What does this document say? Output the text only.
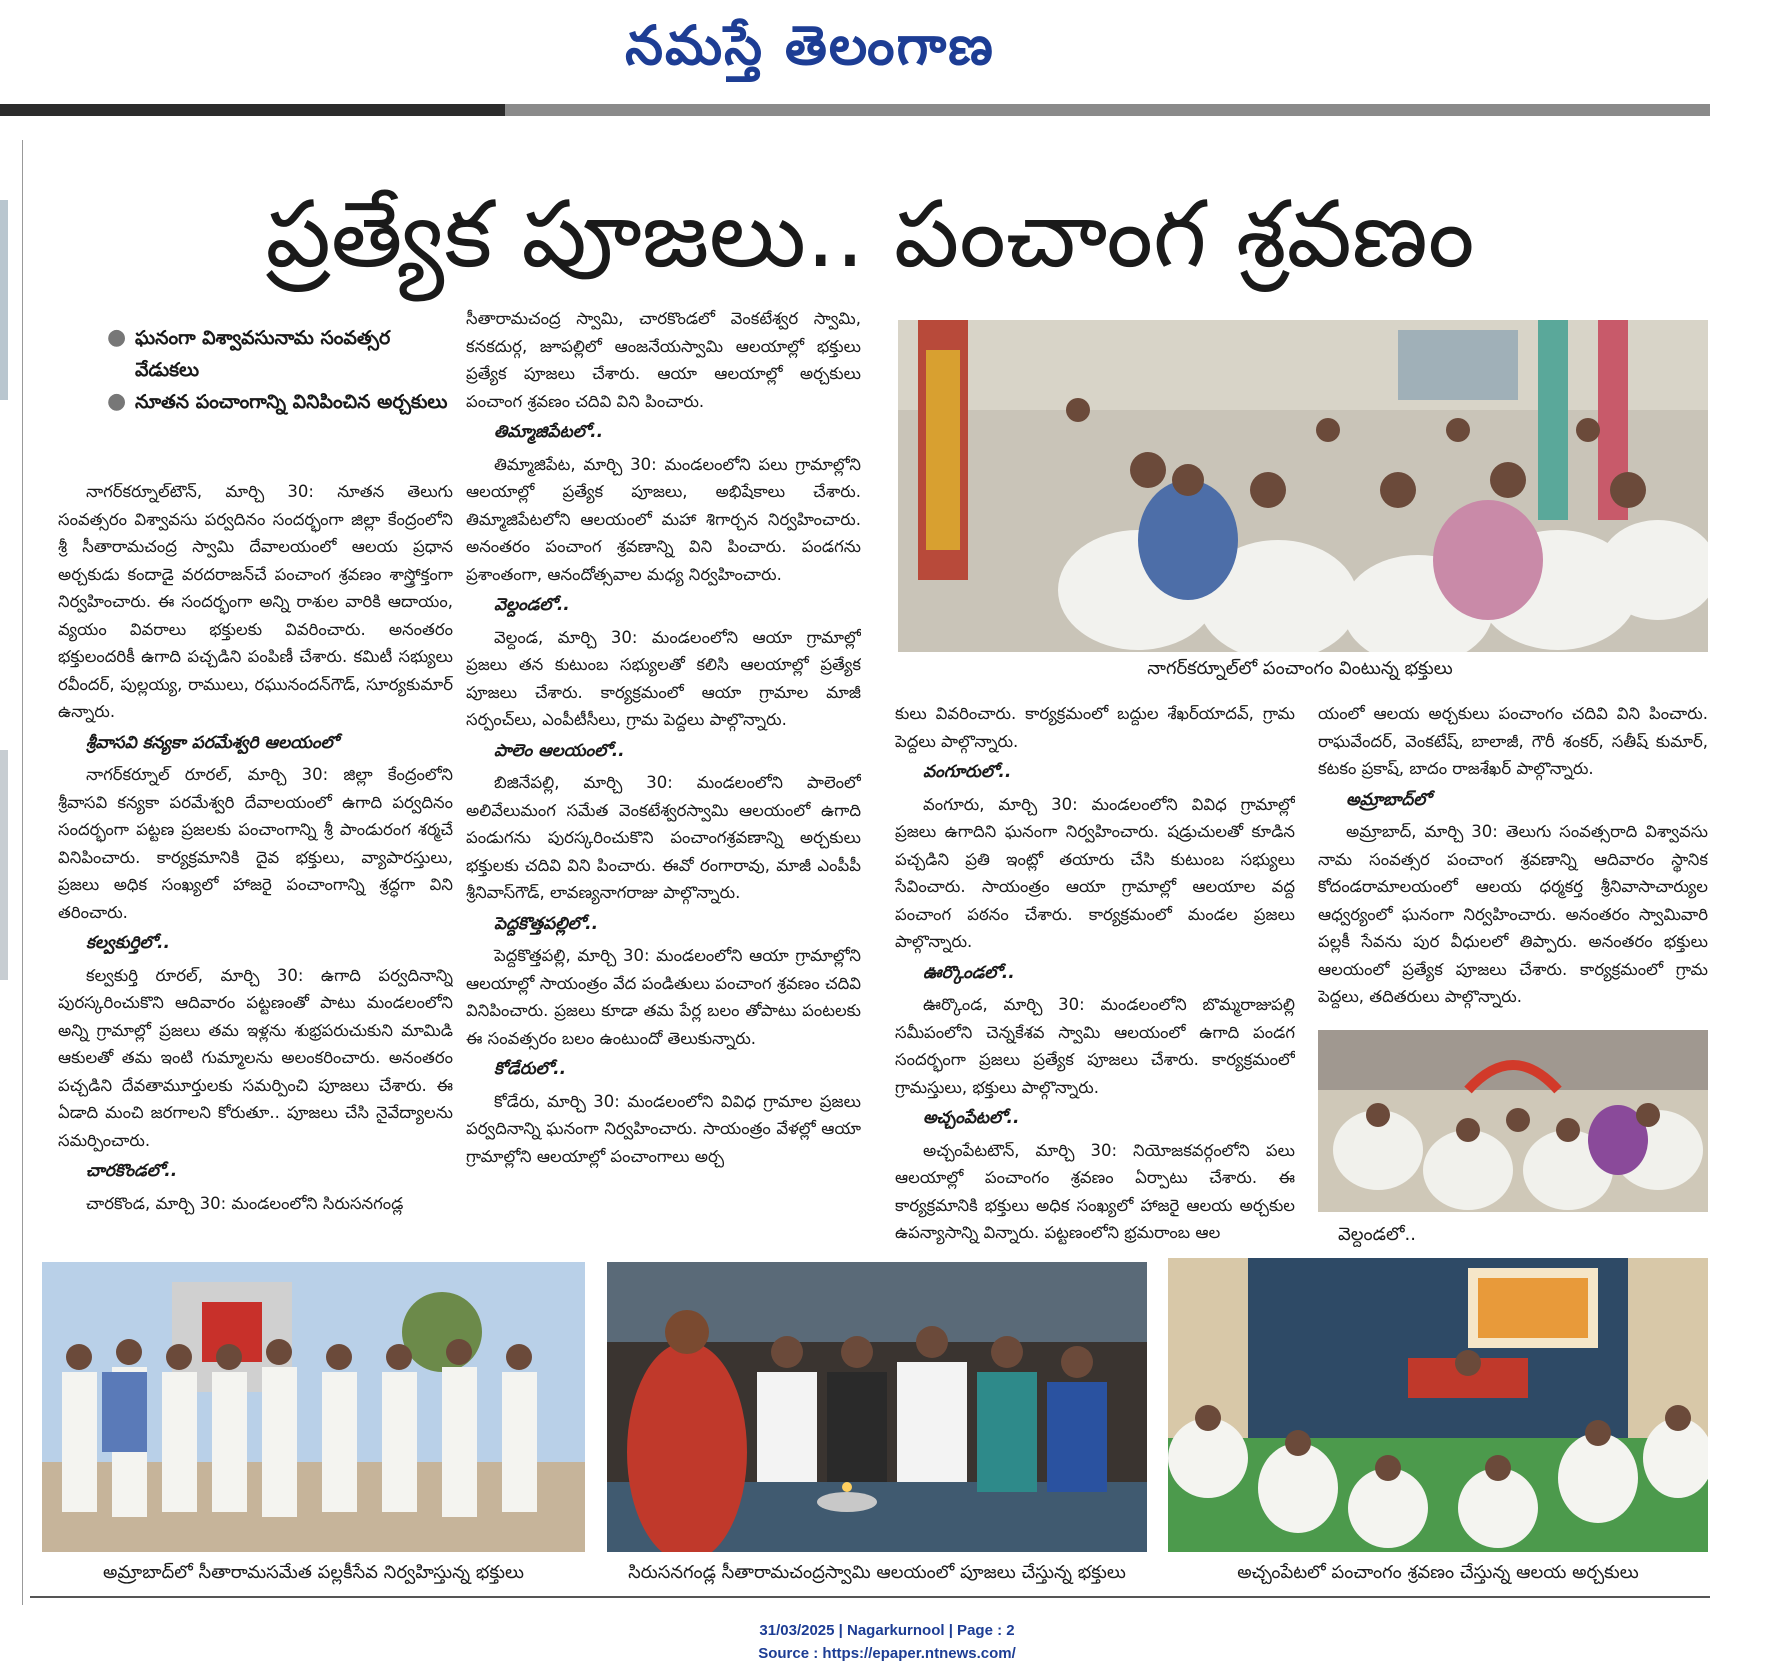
నమస్తే తెలంగాణ
ప్రత్యేక పూజలు.. పంచాంగ శ్రవణం
● ఘనంగా విశ్వావసునామ సంవత్సర వేడుకలు
● నూతన పంచాంగాన్ని వినిపించిన అర్చకులు

నాగర్‌కర్నూల్‌టౌన్‌, మార్చి 30: నూతన తెలుగు సంవత్సరం విశ్వావసు పర్వదినం సందర్భంగా జిల్లా కేంద్రంలోని శ్రీ సీతారామచంద్ర స్వామి దేవాలయంలో ఆలయ ప్రధాన అర్చకుడు కందాడై వరదరాజన్‌చే పంచాంగ శ్రవణం శాస్త్రోక్తంగా నిర్వహించారు. ఈ సందర్భంగా అన్ని రాశుల వారికి ఆదాయం, వ్యయం వివరాలు భక్తులకు వివరించారు. అనంతరం భక్తులందరికీ ఉగాది పచ్చడిని పంపిణీ చేశారు. కమిటీ సభ్యులు రవీందర్‌, పుల్లయ్య, రాములు, రఘునందన్‌గౌడ్‌, సూర్యకుమార్‌ ఉన్నారు.

శ్రీవాసవి కన్యకా పరమేశ్వరి ఆలయంలో

నాగర్‌కర్నూల్‌ రూరల్‌, మార్చి 30: జిల్లా కేంద్రంలోని శ్రీవాసవి కన్యకా పరమేశ్వరి దేవాలయంలో ఉగాది పర్వదినం సందర్భంగా పట్టణ ప్రజలకు పంచాంగాన్ని శ్రీ పాండురంగ శర్మచే వినిపించారు. కార్యక్రమానికి దైవ భక్తులు, వ్యాపారస్తులు, ప్రజలు అధిక సంఖ్యలో హాజరై పంచాంగాన్ని శ్రద్ధగా విని తరించారు.

కల్వకుర్తిలో..

కల్వకుర్తి రూరల్‌, మార్చి 30: ఉగాది పర్వదినాన్ని పురస్కరించుకొని ఆదివారం పట్టణంతో పాటు మండలంలోని అన్ని గ్రామాల్లో ప్రజలు తమ ఇళ్లను శుభ్రపరుచుకుని మామిడి ఆకులతో తమ ఇంటి గుమ్మాలను అలంకరించారు. అనంతరం పచ్చడిని దేవతామూర్తులకు సమర్పించి పూజలు చేశారు. ఈ ఏడాది మంచి జరగాలని కోరుతూ.. పూజలు చేసి నైవేద్యాలను సమర్పించారు.

చారకొండలో..

చారకొండ, మార్చి 30: మండలంలోని సిరుసనగండ్ల

సీతారామచంద్ర స్వామి, చారకొండలో వెంకటేశ్వర స్వామి, కనకదుర్గ, జూపల్లిలో ఆంజనేయస్వామి ఆలయాల్లో భక్తులు ప్రత్యేక పూజలు చేశారు. ఆయా ఆలయాల్లో అర్చకులు పంచాంగ శ్రవణం చదివి విని పించారు.

తిమ్మాజిపేటలో..

తిమ్మాజిపేట, మార్చి 30: మండలంలోని పలు గ్రామాల్లోని ఆలయాల్లో ప్రత్యేక పూజలు, అభిషేకాలు చేశారు. తిమ్మాజిపేటలోని ఆలయంలో మహా శిగార్చన నిర్వహించారు. అనంతరం పంచాంగ శ్రవణాన్ని విని పించారు. పండగను ప్రశాంతంగా, ఆనందోత్సవాల మధ్య నిర్వహించారు.

వెల్దండలో..

వెల్దండ, మార్చి 30: మండలంలోని ఆయా గ్రామాల్లో ప్రజలు తన కుటుంబ సభ్యులతో కలిసి ఆలయాల్లో ప్రత్యేక పూజలు చేశారు. కార్యక్రమంలో ఆయా గ్రామాల మాజీ సర్పంచ్‌లు, ఎంపీటీసీలు, గ్రామ పెద్దలు పాల్గొన్నారు.

పాలెం ఆలయంలో..

బిజినేపల్లి, మార్చి 30: మండలంలోని పాలెంలో అలివేలుమంగ సమేత వెంకటేశ్వరస్వామి ఆలయంలో ఉగాది పండుగను పురస్కరించుకొని పంచాంగశ్రవణాన్ని అర్చకులు భక్తులకు చదివి విని పించారు. ఈవో రంగారావు, మాజీ ఎంపీపీ శ్రీనివాస్‌గౌడ్‌, లావణ్యనాగరాజు పాల్గొన్నారు.

పెద్దకొత్తపల్లిలో..

పెద్దకొత్తపల్లి, మార్చి 30: మండలంలోని ఆయా గ్రామాల్లోని ఆలయాల్లో సాయంత్రం వేద పండితులు పంచాంగ శ్రవణం చదివి వినిపించారు. ప్రజలు కూడా తమ పేర్ల బలం తోపాటు పంటలకు ఈ సంవత్సరం బలం ఉంటుందో తెలుకున్నారు.

కోడేరులో..

కోడేరు, మార్చి 30: మండలంలోని వివిధ గ్రామాల ప్రజలు పర్వదినాన్ని ఘనంగా నిర్వహించారు. సాయంత్రం వేళల్లో ఆయా గ్రామాల్లోని ఆలయాల్లో పంచాంగాలు అర్చ

నాగర్‌కర్నూల్‌లో పంచాంగం వింటున్న భక్తులు

కులు వివరించారు. కార్యక్రమంలో బద్దుల శేఖర్‌యాదవ్‌, గ్రామ పెద్దలు పాల్గొన్నారు.

వంగూరులో..

వంగూరు, మార్చి 30: మండలంలోని వివిధ గ్రామాల్లో ప్రజలు ఉగాదిని ఘనంగా నిర్వహించారు. షడ్రుచులతో కూడిన పచ్చడిని ప్రతి ఇంట్లో తయారు చేసి కుటుంబ సభ్యులు సేవించారు. సాయంత్రం ఆయా గ్రామాల్లో ఆలయాల వద్ద పంచాంగ పఠనం చేశారు. కార్యక్రమంలో మండల ప్రజలు పాల్గొన్నారు.

ఊర్కొండలో..

ఊర్కొండ, మార్చి 30: మండలంలోని బొమ్మరాజుపల్లి సమీపంలోని చెన్నకేశవ స్వామి ఆలయంలో ఉగాది పండగ సందర్భంగా ప్రజలు ప్రత్యేక పూజలు చేశారు. కార్యక్రమంలో గ్రామస్తులు, భక్తులు పాల్గొన్నారు.

అచ్చంపేటలో..

అచ్చంపేటటౌన్‌, మార్చి 30: నియోజకవర్గంలోని పలు ఆలయాల్లో పంచాంగం శ్రవణం ఏర్పాటు చేశారు. ఈ కార్యక్రమానికి భక్తులు అధిక సంఖ్యలో హాజరై ఆలయ అర్చకుల ఉపన్యాసాన్ని విన్నారు. పట్టణంలోని భ్రమరాంబ ఆల

యంలో ఆలయ అర్చకులు పంచాంగం చదివి విని పించారు. రాఘవేందర్‌, వెంకటేష్‌, బాలాజీ, గౌరీ శంకర్‌, సతీష్‌ కుమార్‌, కటకం ప్రకాష్‌, బాదం రాజశేఖర్‌ పాల్గొన్నారు.

అమ్రాబాద్‌లో

అమ్రాబాద్‌, మార్చి 30: తెలుగు సంవత్సరాది విశ్వావసు నామ సంవత్సర పంచాంగ శ్రవణాన్ని ఆదివారం స్థానిక కోదండరామాలయంలో ఆలయ ధర్మకర్త శ్రీనివాసాచార్యుల ఆధ్వర్యంలో ఘనంగా నిర్వహించారు. అనంతరం స్వామివారి పల్లకీ సేవను పుర వీధులలో తిప్పారు. అనంతరం భక్తులు ఆలయంలో ప్రత్యేక పూజలు చేశారు. కార్యక్రమంలో గ్రామ పెద్దలు, తదితరులు పాల్గొన్నారు.

వెల్దండలో..
అమ్రాబాద్‌లో సీతారామసమేత పల్లకీసేవ నిర్వహిస్తున్న భక్తులు	సిరుసనగండ్ల సీతారామచంద్రస్వామి ఆలయంలో పూజలు చేస్తున్న భక్తులు	అచ్చంపేటలో పంచాంగం శ్రవణం చేస్తున్న ఆలయ అర్చకులు
31/03/2025 | Nagarkurnool | Page : 2
Source : https://epaper.ntnews.com/
